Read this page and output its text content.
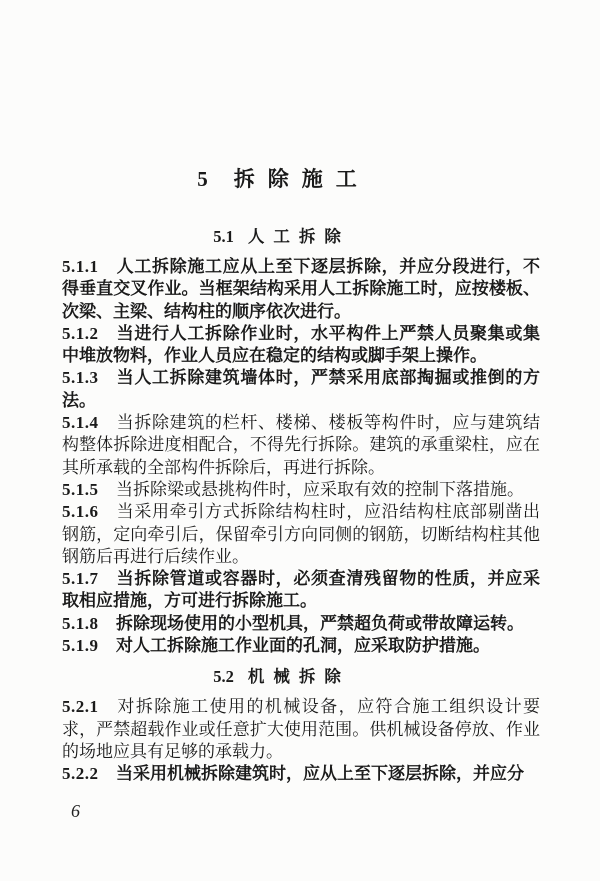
5 拆除施工
5.1 人工拆除

5.1.1 人工拆除施工应从上至下逐层拆除，并应分段进行，不得垂直交叉作业。当框架结构采用人工拆除施工时，应按楼板、次梁、主梁、结构柱的顺序依次进行。

5.1.2 当进行人工拆除作业时，水平构件上严禁人员聚集或集中堆放物料，作业人员应在稳定的结构或脚手架上操作。

5.1.3 当人工拆除建筑墙体时，严禁采用底部掏掘或推倒的方法。

5.1.4 当拆除建筑的栏杆、楼梯、楼板等构件时，应与建筑结构整体拆除进度相配合，不得先行拆除。建筑的承重梁柱，应在其所承载的全部构件拆除后，再进行拆除。

5.1.5 当拆除梁或悬挑构件时，应采取有效的控制下落措施。

5.1.6 当采用牵引方式拆除结构柱时，应沿结构柱底部剔凿出钢筋，定向牵引后，保留牵引方向同侧的钢筋，切断结构柱其他钢筋后再进行后续作业。

5.1.7 当拆除管道或容器时，必须查清残留物的性质，并应采取相应措施，方可进行拆除施工。

5.1.8 拆除现场使用的小型机具，严禁超负荷或带故障运转。

5.1.9 对人工拆除施工作业面的孔洞，应采取防护措施。

5.2 机械拆除

5.2.1 对拆除施工使用的机械设备，应符合施工组织设计要求，严禁超载作业或任意扩大使用范围。供机械设备停放、作业的场地应具有足够的承载力。

5.2.2 当采用机械拆除建筑时，应从上至下逐层拆除，并应分

6
